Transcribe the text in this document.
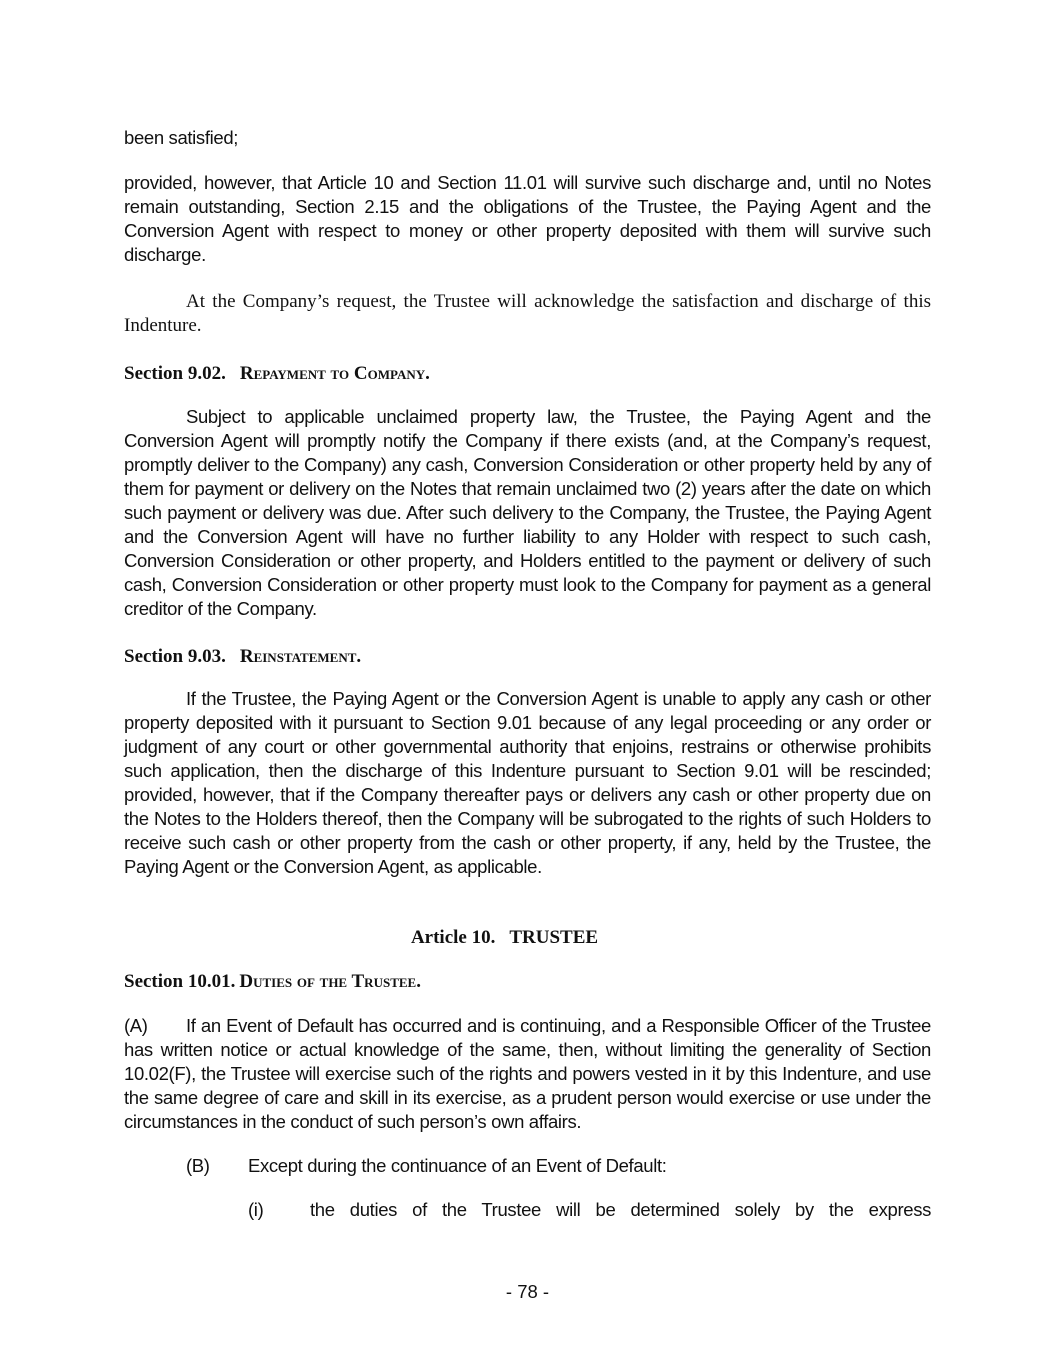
been satisfied;

provided, however, that Article 10 and Section 11.01 will survive such discharge and, until no Notes remain outstanding, Section 2.15 and the obligations of the Trustee, the Paying Agent and the Conversion Agent with respect to money or other property deposited with them will survive such discharge.

At the Company’s request, the Trustee will acknowledge the satisfaction and discharge of this Indenture.

Section 9.02. Repayment to Company.

Subject to applicable unclaimed property law, the Trustee, the Paying Agent and the Conversion Agent will promptly notify the Company if there exists (and, at the Company’s request, promptly deliver to the Company) any cash, Conversion Consideration or other property held by any of them for payment or delivery on the Notes that remain unclaimed two (2) years after the date on which such payment or delivery was due. After such delivery to the Company, the Trustee, the Paying Agent and the Conversion Agent will have no further liability to any Holder with respect to such cash, Conversion Consideration or other property, and Holders entitled to the payment or delivery of such cash, Conversion Consideration or other property must look to the Company for payment as a general creditor of the Company.

Section 9.03. Reinstatement.

If the Trustee, the Paying Agent or the Conversion Agent is unable to apply any cash or other property deposited with it pursuant to Section 9.01 because of any legal proceeding or any order or judgment of any court or other governmental authority that enjoins, restrains or otherwise prohibits such application, then the discharge of this Indenture pursuant to Section 9.01 will be rescinded; provided, however, that if the Company thereafter pays or delivers any cash or other property due on the Notes to the Holders thereof, then the Company will be subrogated to the rights of such Holders to receive such cash or other property from the cash or other property, if any, held by the Trustee, the Paying Agent or the Conversion Agent, as applicable.

Article 10. TRUSTEE
Section 10.01. Duties of the Trustee.
(A) If an Event of Default has occurred and is continuing, and a Responsible Officer of the Trustee has written notice or actual knowledge of the same, then, without limiting the generality of Section 10.02(F), the Trustee will exercise such of the rights and powers vested in it by this Indenture, and use the same degree of care and skill in its exercise, as a prudent person would exercise or use under the circumstances in the conduct of such person’s own affairs.
(B) Except during the continuance of an Event of Default:
(i)	the duties of the Trustee will be determined solely by the express
- 78 -
